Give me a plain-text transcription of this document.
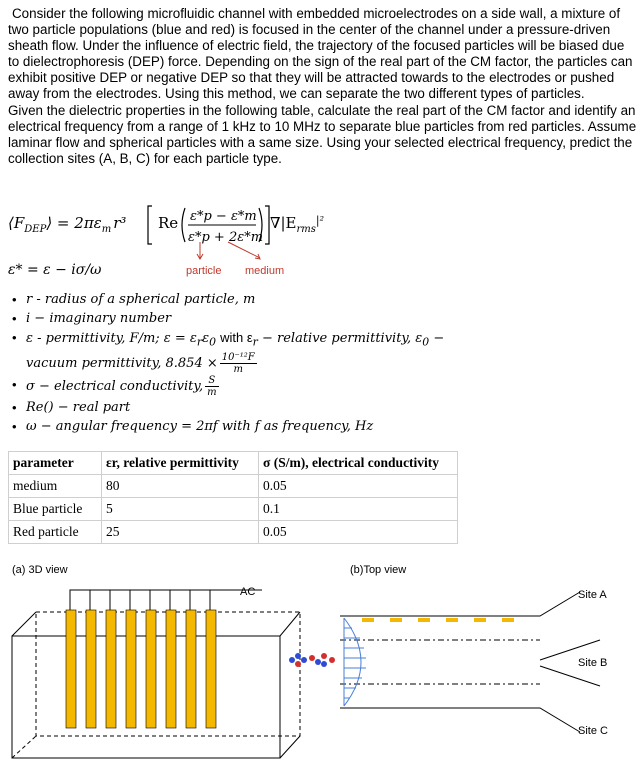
Consider the following microfluidic channel with embedded microelectrodes on a side wall, a mixture of two particle populations (blue and red) is focused in the center of the channel under a pressure-driven sheath flow. Under the influence of electric field, the trajectory of the focused particles will be biased due to dielectrophoresis (DEP) force. Depending on the sign of the real part of the CM factor, the particles can exhibit positive DEP or negative DEP so that they will be attracted towards to the electrodes or pushed away from the electrodes. Using this method, we can separate the two different types of particles.

Given the dielectric properties in the following table, calculate the real part of the CM factor and identify an electrical frequency from a range of 1 kHz to 10 MHz to separate blue particles from red particles. Assume laminar flow and spherical particles with a same size. Using your selected electrical frequency, predict the collection sites (A, B, C) for each particle type.

$⟨F_{DEP}⟩ = 2\pi\varepsilon_m$ r³ Re ε*p − ε*m
ε*p + 2ε*m
$\nabla|E_{rms}^{|^2}$
particle medium
ε* = ε − iσ/ω
• r - radius of a spherical particle, m
• i − imaginary number
• ε - permittivity, F/m; $\varepsilon = \varepsilon_r\varepsilon_0$ with $\varepsilon_r$ − relative permittivity, $\varepsilon_0$ −
vacuum permittivity, $8.854 \times \frac{\text{10⁻¹²F}}{m}$
• σ − electrical conductivity, $\frac{S}{m}$
• Re() − real part
• ω − angular frequency = 2πf with f as frequency, Hz
parameter	εr, relative permittivity	σ (S/m), electrical conductivity
medium	80	0.05
Blue particle	5	0.1
Red particle	25	0.05
(a) 3D view	(b)Top view
AC	Site A
Site B
Site C
